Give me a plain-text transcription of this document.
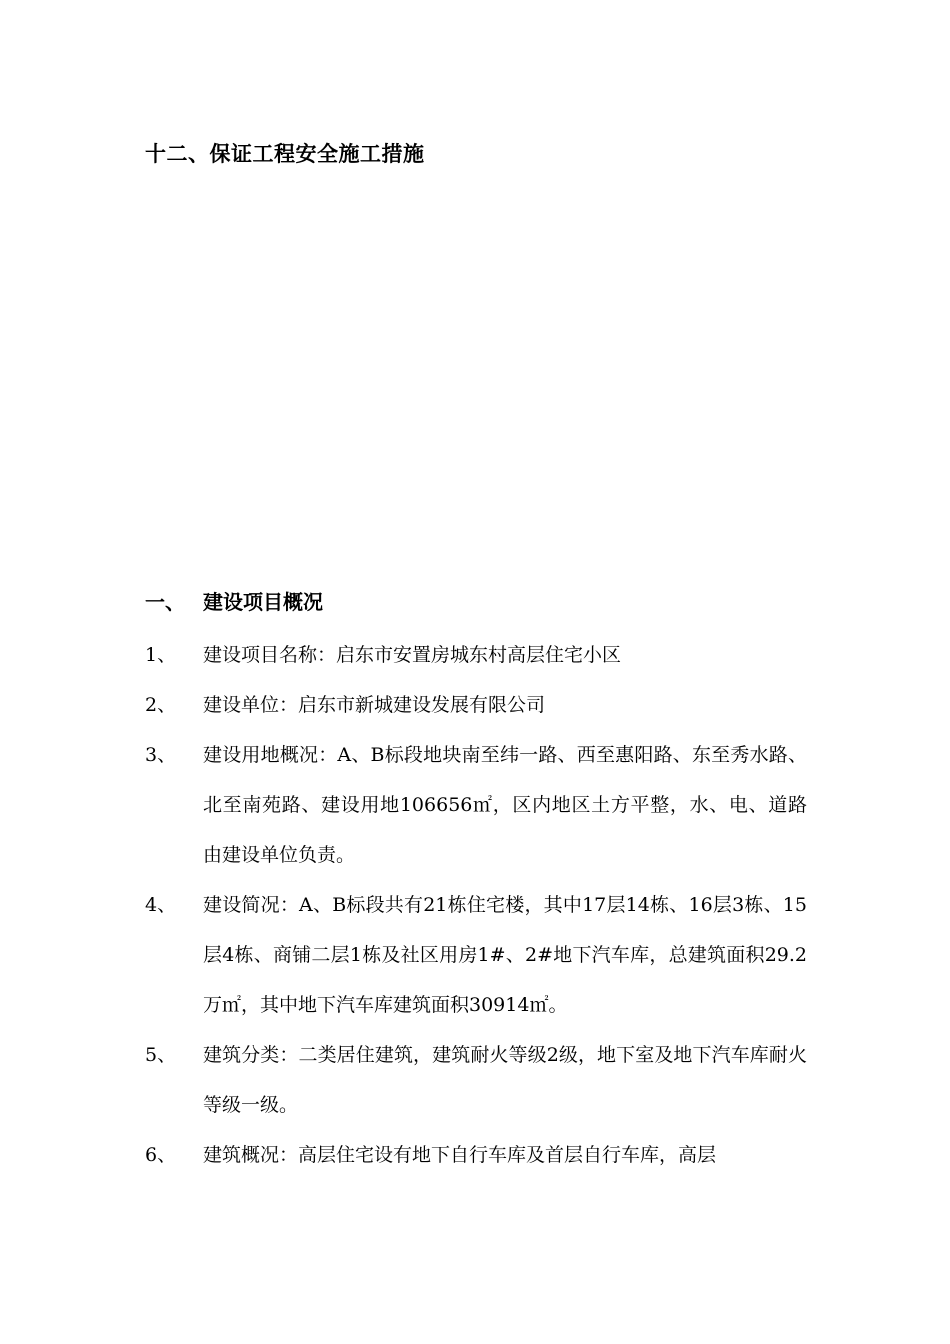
十二、保证工程安全施工措施
一、 建设项目概况
1、 建设项目名称：启东市安置房城东村高层住宅小区
2、 建设单位：启东市新城建设发展有限公司
3、 建设用地概况：A、B标段地块南至纬一路、西至惠阳路、东至秀水路、北至南苑路、建设用地106656㎡，区内地区土方平整，水、电、道路由建设单位负责。
4、 建设简况：A、B标段共有21栋住宅楼，其中17层14栋、16层3栋、15层4栋、商铺二层1栋及社区用房1#、2#地下汽车库，总建筑面积29.2万㎡，其中地下汽车库建筑面积30914㎡。
5、 建筑分类：二类居住建筑，建筑耐火等级2级，地下室及地下汽车库耐火等级一级。
6、 建筑概况：高层住宅设有地下自行车库及首层自行车库，高层
